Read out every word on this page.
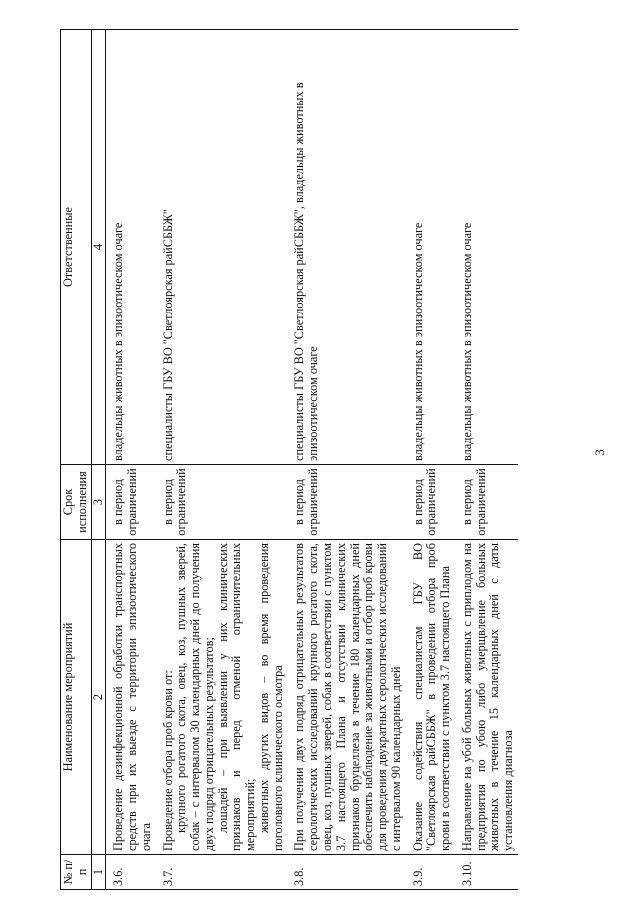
3
№ п/п	Наименование мероприятий	Срок исполнения	Ответственные
1	2	3	4
3.6.	Проведение дезинфекционной обработки транспортных средств при их выезде с территории эпизоотического очага	в период ограничений	владельцы животных в эпизоотическом очаге
3.7.	Проведение отбора проб крови от: крупного рогатого скота, овец, коз, пушных зверей, собак – с интервалом 30 календарных дней до получения двух подряд отрицательных результатов; лошадей – при выявлении у них клинических признаков и перед отменой ограничительных мероприятий; животных других видов – во время проведения поголовного клинического осмотра	в период ограничений	специалисты ГБУ ВО "Светлоярская райСББЖ"
3.8.	При получении двух подряд отрицательных результатов серологических исследований крупного рогатого скота, овец, коз, пушных зверей, собак в соответствии с пунктом 3.7 настоящего Плана и отсутствии клинических признаков бруцеллеза в течение 180 календарных дней обеспечить наблюдение за животными и отбор проб крови для проведения двукратных серологических исследований с интервалом 90 календарных дней	в период ограничений	специалисты ГБУ ВО "Светлоярская райСББЖ", владельцы животных в эпизоотическом очаге
3.9.	Оказание содействия специалистам ГБУ ВО "Светлоярская райСББЖ" в проведении отбора проб крови в соответствии с пунктом 3.7 настоящего Плана	в период ограничений	владельцы животных в эпизоотическом очаге
3.10.	Направление на убой больных животных с приплодом на предприятия по убою либо умерщвление больных животных в течение 15 календарных дней с даты установления диагноза	в период ограничений	владельцы животных в эпизоотическом очаге
